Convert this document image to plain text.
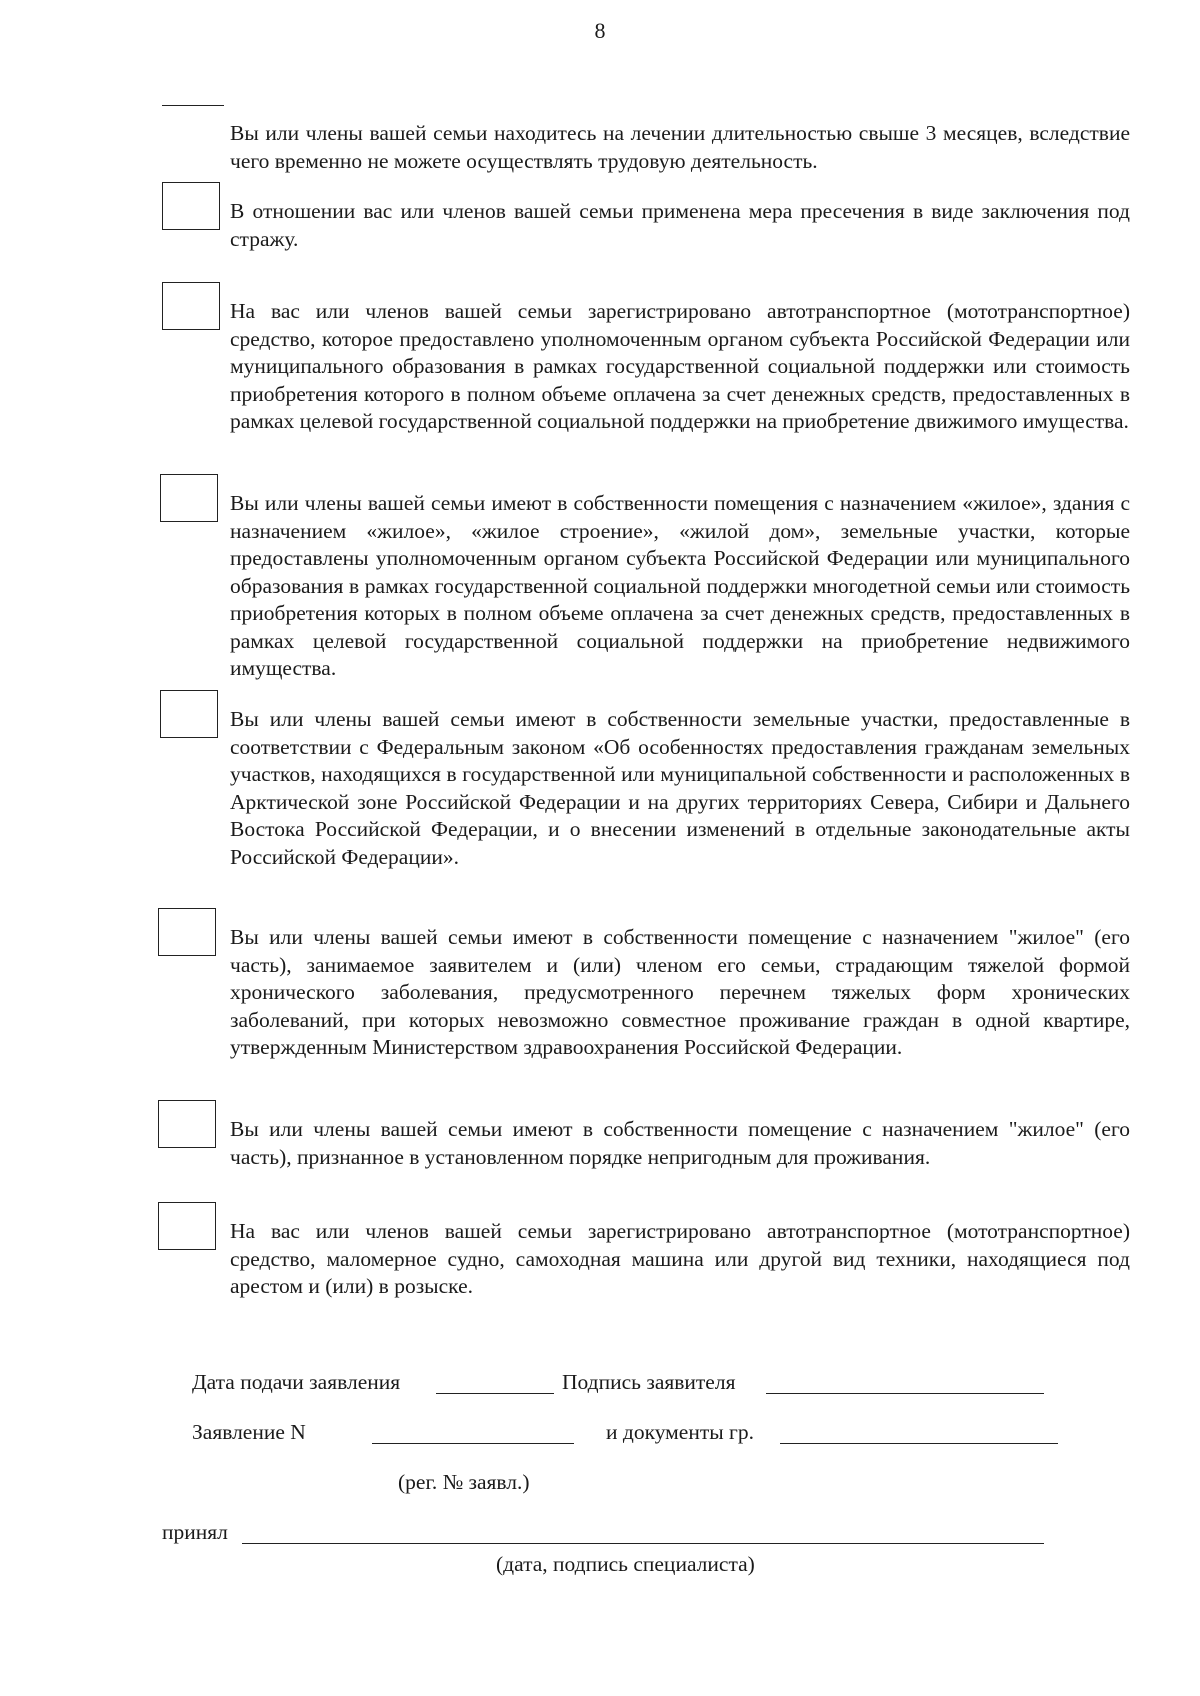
8
Вы или члены вашей семьи находитесь на лечении длительностью свыше 3 месяцев, вследствие чего временно не можете осуществлять трудовую деятельность.
В отношении вас или членов вашей семьи применена мера пресечения в виде заключения под стражу.
На вас или членов вашей семьи зарегистрировано автотранспортное (мототранспортное) средство, которое предоставлено уполномоченным органом субъекта Российской Федерации или муниципального образования в рамках государственной социальной поддержки или стоимость приобретения которого в полном объеме оплачена за счет денежных средств, предоставленных в рамках целевой государственной социальной поддержки на приобретение движимого имущества.
Вы или члены вашей семьи имеют в собственности помещения с назначением «жилое», здания с назначением «жилое», «жилое строение», «жилой дом», земельные участки, которые предоставлены уполномоченным органом субъекта Российской Федерации или муниципального образования в рамках государственной социальной поддержки многодетной семьи или стоимость приобретения которых в полном объеме оплачена за счет денежных средств, предоставленных в рамках целевой государственной социальной поддержки на приобретение недвижимого имущества.
Вы или члены вашей семьи имеют в собственности земельные участки, предоставленные в соответствии с Федеральным законом «Об особенностях предоставления гражданам земельных участков, находящихся в государственной или муниципальной собственности и расположенных в Арктической зоне Российской Федерации и на других территориях Севера, Сибири и Дальнего Востока Российской Федерации, и о внесении изменений в отдельные законодательные акты Российской Федерации».
Вы или члены вашей семьи имеют в собственности помещение с назначением "жилое" (его часть), занимаемое заявителем и (или) членом его семьи, страдающим тяжелой формой хронического заболевания, предусмотренного перечнем тяжелых форм хронических заболеваний, при которых невозможно совместное проживание граждан в одной квартире, утвержденным Министерством здравоохранения Российской Федерации.
Вы или члены вашей семьи имеют в собственности помещение с назначением "жилое" (его часть), признанное в установленном порядке непригодным для проживания.
На вас или членов вашей семьи зарегистрировано автотранспортное (мототранспортное) средство, маломерное судно, самоходная машина или другой вид техники, находящиеся под арестом и (или) в розыске.
Дата подачи заявления	Подпись заявителя
Заявление N	и документы гр.
(рег. № заявл.)
принял
(дата, подпись специалиста)
